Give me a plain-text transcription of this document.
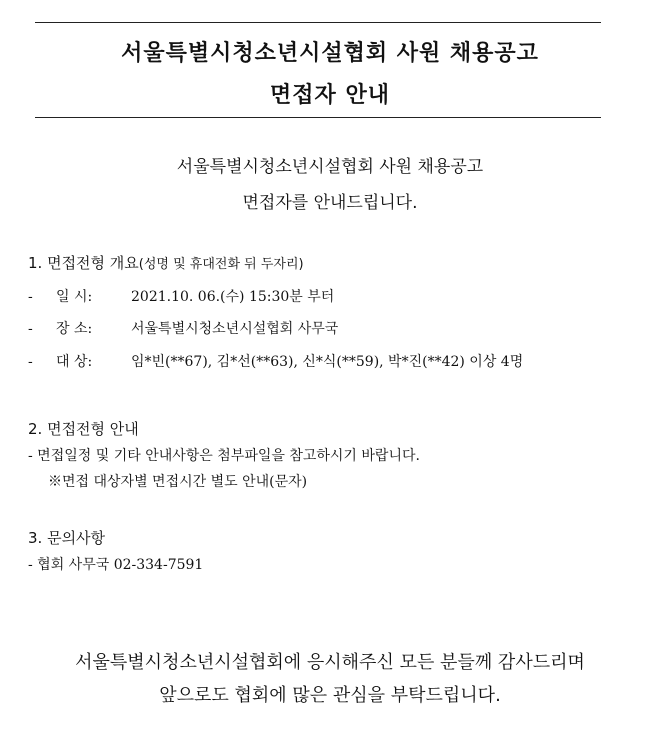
서울특별시청소년시설협회 사원 채용공고
면접자 안내
서울특별시청소년시설협회 사원 채용공고
면접자를 안내드립니다.
1. 면접전형 개요(성명 및 휴대전화 뒤 두자리)
- 일 시:	2021.10. 06.(수) 15:30분 부터
- 장 소:	서울특별시청소년시설협회 사무국
- 대 상:	임*빈(**67), 김*선(**63), 신*식(**59), 박*진(**42) 이상 4명
2. 면접전형 안내
- 면접일정 및 기타 안내사항은 첨부파일을 참고하시기 바랍니다.
※면접 대상자별 면접시간 별도 안내(문자)
3. 문의사항
- 협회 사무국 02-334-7591
서울특별시청소년시설협회에 응시해주신 모든 분들께 감사드리며
앞으로도 협회에 많은 관심을 부탁드립니다.
